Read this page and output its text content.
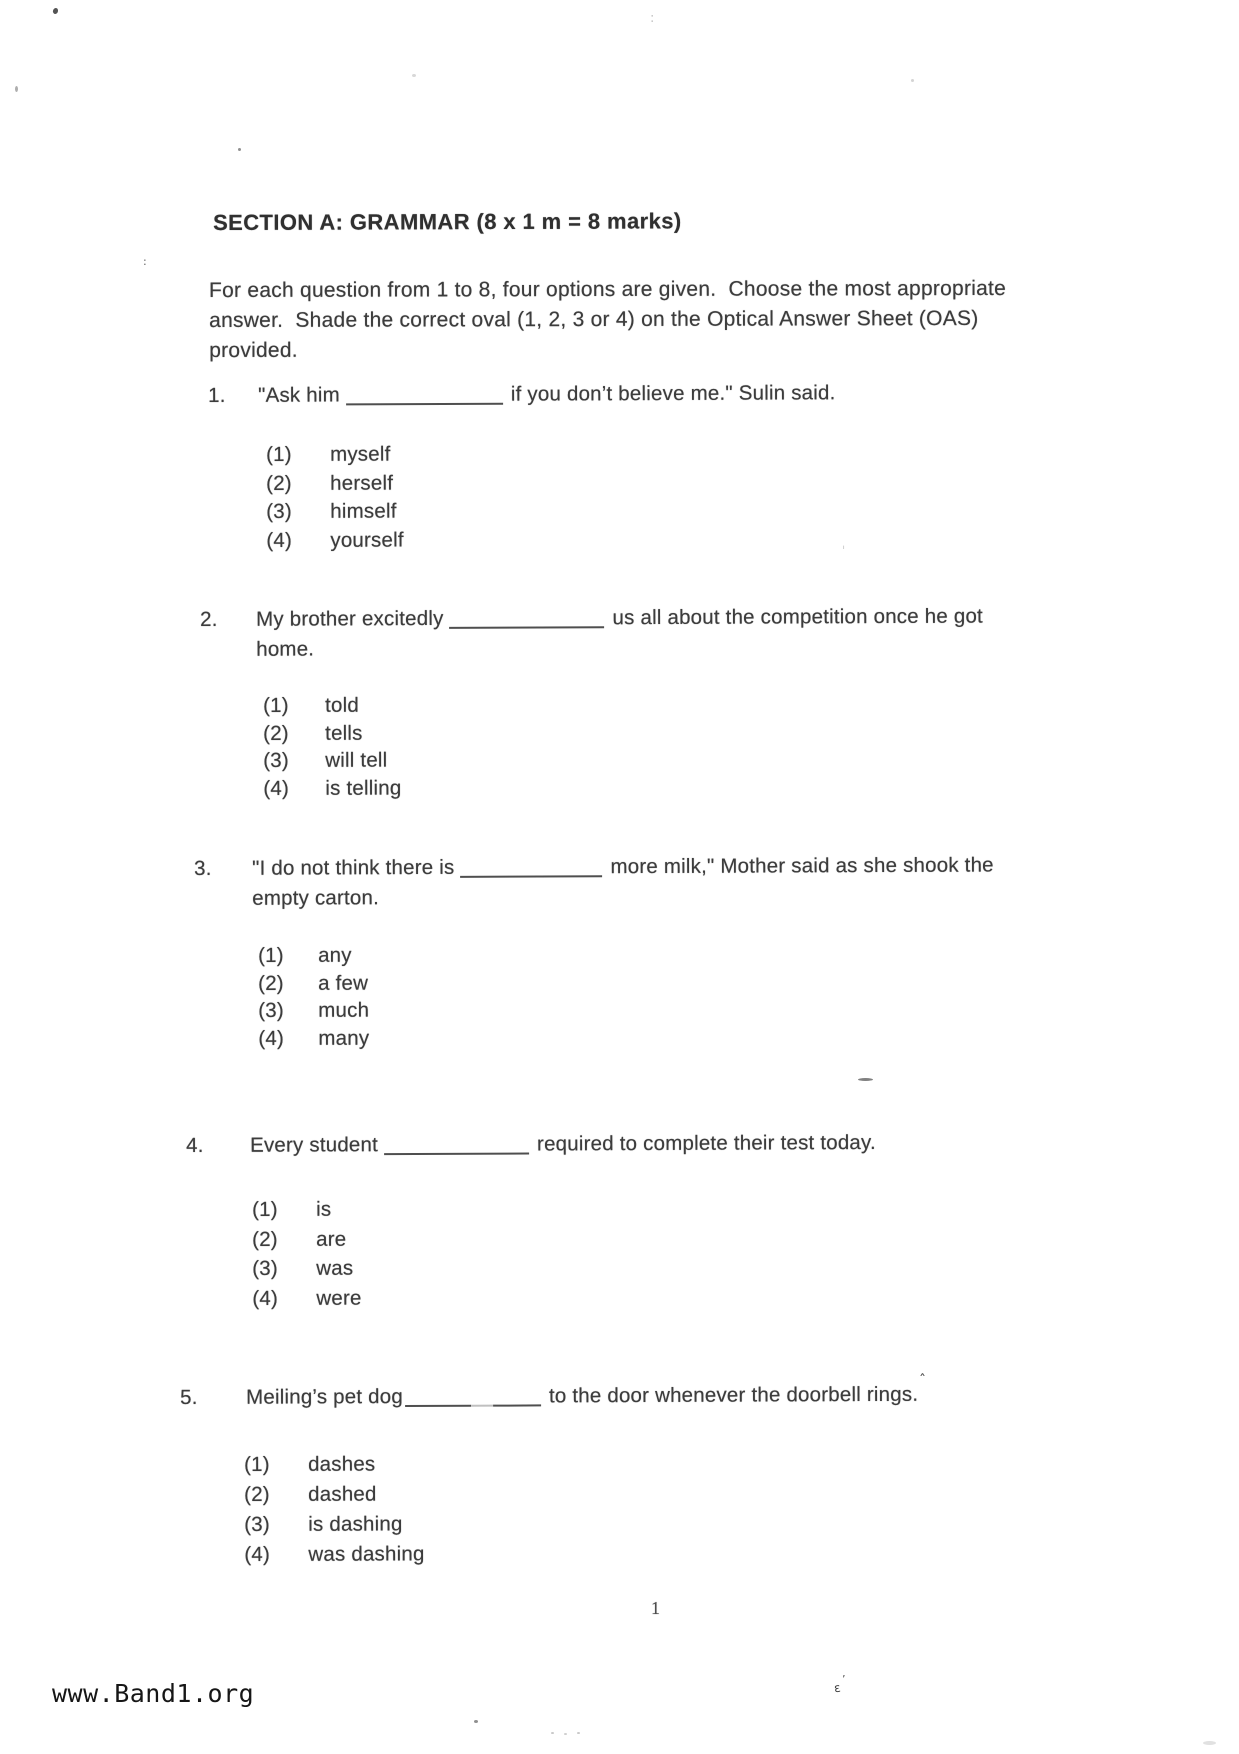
SECTION A: GRAMMAR (8 x 1 m = 8 marks)
For each question from 1 to 8, four options are given.  Choose the most appropriate
answer.  Shade the correct oval (1, 2, 3 or 4) on the Optical Answer Sheet (OAS)
provided.
1.	"Ask him	if you don’t believe me." Sulin said.
(1)	myself
(2)	herself
(3)	himself
(4)	yourself
2.	My brother excitedly	us all about the competition once he got
home.
(1)	told
(2)	tells
(3)	will tell
(4)	is telling
3.	"I do not think there is	more milk," Mother said as she shook the
empty carton.
(1)	any
(2)	a few
(3)	much
(4)	many
4.	Every student	required to complete their test today.
(1)	is
(2)	are
(3)	was
(4)	were
5.	Meiling’s pet dog	to the door whenever the doorbell rings.
(1)	dashes
(2)	dashed
(3)	is dashing
(4)	was dashing
1
www.Band1.org
:
:
ˈ
ˆ
ʼ
ε
